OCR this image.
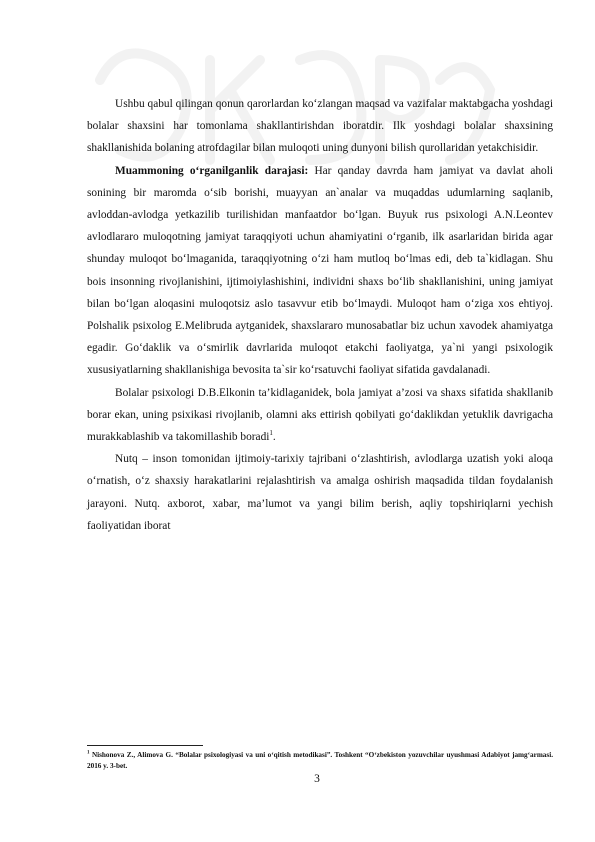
Ushbu qabul qilingan qonun qarorlardan ko‘zlangan maqsad va vazifalar maktabgacha yoshdagi bolalar shaxsini har tomonlama shakllantirishdan iboratdir. Ilk yoshdagi bolalar shaxsining shakllanishida bolaning atrofdagilar bilan muloqoti uning dunyoni bilish qurollaridan yetakchisidir.

Muammoning o‘rganilganlik darajasi: Har qanday davrda ham jamiyat va davlat aholi sonining bir maromda o‘sib borishi, muayyan an`analar va muqaddas udumlarning saqlanib, avloddan-avlodga yetkazilib turilishidan manfaatdor bo‘lgan. Buyuk rus psixologi A.N.Leontev avlodlararo muloqotning jamiyat taraqqiyoti uchun ahamiyatini o‘rganib, ilk asarlaridan birida agar shunday muloqot bo‘lmaganida, taraqqiyotning o‘zi ham mutloq bo‘lmas edi, deb ta`kidlagan. Shu bois insonning rivojlanishini, ijtimoiylashishini, individni shaxs bo‘lib shakllanishini, uning jamiyat bilan bo‘lgan aloqasini muloqotsiz aslo tasavvur etib bo‘lmaydi. Muloqot ham o‘ziga xos ehtiyoj. Polshalik psixolog E.Melibruda aytganidek, shaxslararo munosabatlar biz uchun xavodek ahamiyatga egadir. Go‘daklik va o‘smirlik davrlarida muloqot etakchi faoliyatga, ya`ni yangi psixologik xususiyatlarning shakllanishiga bevosita ta`sir ko‘rsatuvchi faoliyat sifatida gavdalanadi.

Bolalar psixologi D.B.Elkonin ta’kidlaganidek, bola jamiyat a’zosi va shaxs sifatida shakllanib borar ekan, uning psixikasi rivojlanib, olamni aks ettirish qobilyati go‘daklikdan yetuklik davrigacha murakkablashib va takomillashib boradi$^1$.

Nutq – inson tomonidan ijtimoiy-tarixiy tajribani o‘zlashtirish, avlodlarga uzatish yoki aloqa o‘rnatish, o‘z shaxsiy harakatlarini rejalashtirish va amalga oshirish maqsadida tildan foydalanish jarayoni. Nutq. axborot, xabar, ma’lumot va yangi bilim berish, aqliy topshiriqlarni yechish faoliyatidan iborat

$^1$ Nishonova Z., Alimova G. “Bolalar psixologiyasi va uni o‘qitish metodikasi”. Toshkent “O‘zbekiston yozuvchilar uyushmasi Adabiyot jamg‘armasi. 2016 y. 3-bet.
3
